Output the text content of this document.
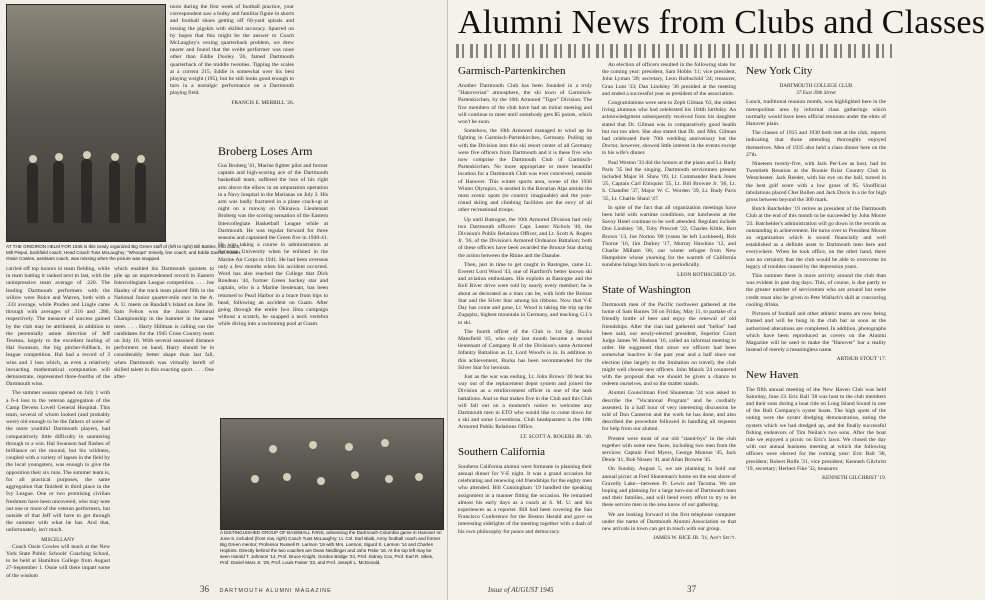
AT THE GRIDIRON HELM FOR 1945 is this newly organized Big Green staff of (left to right) Bill Battles, end coach; Milt Piepul, backfield coach; Head Coach Tuss McLaughry; "Whoops" Snively, line coach; and Eddie Zavrint, trainer. Ossie Cowles, assistant coach, was missing when the picture was snapped.

carried off top honors in team fielding, while in team batting it ranked next to last, with the unimpressive team average of .220. The leading Dartmouth performers with the willow were Bolce and Warren, both with a .333 average, while Pruden and Lingle came through with averages of .316 and .286, respectively. The measure of success gained by the club may be attributed, in addition to the perennially astute direction of Jeff Tesreau, largely to the excellent hurling of Hal Swanson, the big pitcher-fullback, in league competition. Hal had a record of 3 wins and 1 loss which, as even a relatively inexacting mathematical computation will demonstrate, represented three-fourths of the Dartmouth wins.

The summer season opened on July 1 with a 6-4 loss to the veteran aggregation of the Camp Devens Lovell General Hospital. This team, several of whom looked (and probably were) old enough to be the fathers of some of the more youthful Dartmouth players, had comparatively little difficulty in sauntering through to a win. Hal Swanson had flashes of brilliance on the mound, but his wildness, coupled with a variety of lapses in the field by the local youngsters, was enough to give the opposition their six runs. The summer team is, for all practical purposes, the same aggregation that finished in third place in the Ivy League. One or two promising civilian freshmen have been uncovered, who may note out one or more of the veteran performers, but outside of that Jeff will have to get through the summer with what he has. And that, unfortunately, isn't much.

MISCELLANY

Coach Ossie Cowles will teach at the New York State Public Schools' Coaching School, to be held at Hamilton College from August 27-September 1. Ossie will there impart some of the wisdom

which enabled his Dartmouth quintets to pile up an unprecedented record in Eastern Intercollegiate League competition. . . . Joe Hanley of the track team placed fifth in the National Junior quarter-mile race in the A. A. U. meets on Randall's Island on June 30. Sam Felton won the Junior National Championship in the hammer in the same meet. . . . Harry Hillman is calling out the candidates for the 1945 Cross Country team on July 16. With several seasoned distance performers on hand, Harry should be in considerably better shape than last fall, when Dartmouth was virtually bereft of skilled talent in this exacting sport. . . . One after-

noon during the first week of football practice, your correspondent saw a bulky and familiar figure in shorts and football shoes getting off 60-yard spirals and tossing the pigskin with skilled accuracy. Spurred on by hopes that this might be the answer to Coach McLaughry's vexing quarterback problem, we drew nearer and found that the svelte performer was none other than Eddie Dooley '26, famed Dartmouth quarterback of the middle twenties. Tipping the scales at a current 215, Eddie is somewhat over his best playing weight (195), but he still looks good enough to turn in a nostalgic performance on a Dartmouth playing field.

FRANCIS E. MERRILL '26.
Broberg Loses Arm

Gus Broberg '41, Marine fighter pilot and former captain and high-scoring ace of the Dartmouth basketball team, suffered the loss of his right arm above the elbow in an amputation operation in a Navy hospital in the Marianas on July 3. His arm was badly fractured in a plane crack-up at night on a runway on Okinawa. Lieutenant Broberg was the scoring sensation of the Eastern Intercollegiate Basketball League while at Dartmouth. He was regular forward for three seasons and captained the Green five in 1940-41. He was taking a course in administration at Syracuse University when he enlisted in the Marine Air Corps in 1941. He had been overseas only a few months when his accident occurred. Word has also reached the College that Dick Rondeau '44, former Green hockey star and captain, who is a Marine lieutenant, has been returned to Pearl Harbor in a brace from hips to head, following an accident on Guam. After going through the entire Iwo Jima campaign without a scratch, he snapped a neck vertebra while diving into a swimming pool at Guam.

A DISTINGUISHED GROUP OF BASEBALL FANS, witnessing the Dartmouth-Columbia game in Hanover on June 9, included (front row, right) Coach Tuss McLaughry; Lt. Col. Earl Blaik, Army football coach and former Big Green mentor; Professor Russell R. Larmon '19 with Mrs. Larmon; Sigurd S. Larmon '14 and Charles Hopkins. Directly behind the two coaches are Dean Neidlinger and John Fiske '16. At the top left may be seen Harold T. Johnson '14, Prof. Bruce Knight, Gordon Bridge '24, Prof. Sidney Cox, Prof. Earl R. Sikes, Prof. Daniel Marx Jr. '29, Prof. Louis Foster '23, and Prof. Joseph L. McDonald.
36 DARTMOUTH ALUMNI MAGAZINE
Alumni News from Clubs and Classes
Garmisch-Partenkirchen

Another Dartmouth Club has been founded in a truly "Hanoverian" atmosphere, the ski town of Garmisch-Partenkirchen, by the 10th Armored "Tiger" Division. The five members of the club have had an initial meeting and will continue to meet until somebody gets $5 points, which won't be soon.

Somehow, the 10th Armored managed to wind up its fighting in Garmisch-Partenkirchen, Germany. Pulling up with the Division into this ski resort center of all Germany were five officers from Dartmouth and it is these five who now comprise the Dartmouth Club of Garmisch-Partenkirchen. No more appropriate or more beautiful location for a Dartmouth Club was ever conceived, outside of Hanover. This winter sports area, scene of the 1936 Winter Olympics, is nestled in the Bavarian Alps amidst the most scenic spots (to country imaginable) and the year-round skiing and climbing facilities are the envy of all other recreational troops.

Up until Bastogne, the 10th Armored Division had only two Dartmouth officers: Capt. Lester Nichols '40, the Division's Public Relations Officer, and Lt. Scott A. Rogers Jr. '36, of the Division's Armored Ordnance Battalion; both of these officers have been awarded the Bronze Star during the action between the Rhine and the Danube.

Then, just in time to get caught in Bastogne, came Lt. Everett Lord Wood '43, one of Hartford's better known ski and aviation enthusiasts. His exploits at Bastogne and the Kell River drive were told by nearly every member; he is about as decorated as a man can be, with both the Bronze Star and the Silver Star among his ribbons. Now that V-E Day has come and gone, Lt. Wood is taking the trip up the Zugspitz, highest mountain in Germany, and teaching G.I.'s to ski.

The fourth officer of the Club is 1st Sgt. Bucks Mansfield '43, who only last month became a second lieutenant of Company B of the Division's same Armored Infantry Battalion as Lt. Lord Wood's is in. In addition to this achievement, Bucks has been recommended for the Silver Star for heroism.

Just as the war was ending, Lt. John Brown '40 beat his way out of the replacement depot system and joined the Division as a reinforcement officer in one of the tank battalions. And so that makes five in the Club and this Club will fall out on a moment's notice to welcome any Dartmouth men in ETO who would like to come down for a ski and some Lowenbrau. Club headquarters is the 10th Armored Public Relations Office.

LT. SCOTT A. ROGERS JR. '40.
Southern California

Southern California alumni were fortunate in planning their annual dinner for V-E night. It was a grand occasion for celebrating and renewing old friendships for the eighty men who attended. Bill Cunningham '19 handled the speaking assignment in a manner fitting the occasion. He remained almost his early days as a coach at S. M. U. and his experiences as a reporter. Bill had been covering the San Francisco Conference for the Boston Herald and gave us interesting sidelights of the meeting together with a dash of his own philosophy for peace and democracy.

An election of officers resulted in the following slate for the coming year: president, Sam Hobbs '11; vice president, John Lyman '28; secretary, Leon Rothschild '24; treasurer, Gran Lunt '33; Dan Lindsley '36 presided at the meeting and ended a successful year as president of the association.

Congratulations were sent to Zeph Gilman '63, the oldest living alumnus who had celebrated his 104th birthday. An acknowledgment subsequently received from his daughter stated that Dr. Gilman was in comparatively good health but not too alert. She also stated that Dr. and Mrs. Gilman had celebrated their 70th wedding anniversary but the Doctor, however, showed little interest in the events except to his wife's dinner.

Paul Weston '33 did the honors at the piano and Lt. Rudy Paris '35 led the singing. Dartmouth servicemen present included Major H. Shaw '09, Lt. Commander Buck Jones '25, Captain Carl Elmquist '35, Lt. Bill Browne Jr. '36, Lt. S. Chandler '37, Major W. C. Worden '39, Lt. Rudy Paris '35, Lt. Charlie Shaul '47.

In spite of the fact that all organization meetings have been held with wartime conditions, our luncheons at the Savoy Hotel continue to be well attended. Regulars include Don Lindsley '36, Toby Prescott '22, Charles Kittle, Bert Brown '13, Joe Norton '08 (vanes he left Lockheed), Bob Thorne '16, Jim Darkey '17, Murray Hawkins '12, and Charlie Milham '06, our winter refugee from New Hampshire whose yearning for the warmth of California sunshine brings him back to us periodically.

LEON ROTHSCHILD '24.
State of Washington

Dartmouth men of the Pacific northwest gathered at the home of Sam Barnes '30 on Friday, May 11, to partake of a friendly bottle of beer and enjoy the renewal of old friendships. After the clan had gathered and "hellos" had been said, our newly-elected president, Superior Court Judge James W. Hodson '16, called an informal meeting to order. He suggested that since we officers had been somewhat inactive in the past year and a half since our election (due largely to the limitation on travel), the club might well choose new officers. John Mauck '24 countered with the proposal that we should be given a chance to redeem ourselves, and so the matter stands.

Alumni Councilman Fred Shuneman '24 was asked to describe the "Vocational Program" and he cordially assented. In a half hour of very interesting discussion he told of Don Cameron and the work he has done, and also described the procedure followed in handling all requests for help from our alumni.

Present were most of our old "stand-bys" in the club together with some new faces, including two men from the services: Captain Fred Myers, George Munroe '45, Jack Denie '41, Bob Nissen '41 and Allan Browne '45.

On Sunday, August 5, we are planning to hold our annual picnic at Fred Shuneman's home on the east shore of Gravelly Lake—between Ft. Lewis and Tacoma. We are hoping and planning for a large turn-out of Dartmouth men and their families, and will bend every effort to try to let these service men in the area know of our gathering.

We are looking forward to the first telephone computer under the name of Dartmouth Alumni Association so that new arrivals in town can get in touch with our group.

JAMES W. RICE JR. '31, Ass't Sec'y.
New York City
DARTMOUTH COLLEGE CLUB
37 East 39th Street

Lunch, traditional reunion month, was highlighted here in the metropolitan area by informal class gatherings which normally would have been official reunions under the elms of Hanover plain.

The classes of 1915 and 1930 both met at the club, reports indicating that those attending thoroughly enjoyed themselves. Men of 1935 also held a class dinner here on the 27th.

Nineteen twenty-five, with Jack Per-Lee as host, had its Twentieth Reunion at the Boonie Briar Country Club in Westchester. Jack Reeder, with his eye on the ball, turned in the best golf score with a low gross of 95. Unofficial tabulations placed Chet Bollen and Jack Davis in a tie for high gross between beyond the 300 mark.

Butch Batchelder '19 retires as president of the Dartmouth Club at the end of this month to be succeeded by John Moore '23. Batchelder's administration will go down in the records as outstanding in achievement. He turns over to President Moore an organization which is sound financially and well established as a definite asset to Dartmouth men here and everywhere. When he took office, on the other hand, there was no certainty that the club would be able to overcome its legacy of troubles caused by the depression years.

This summer there is more activity around the club than was evident in past dog days. This, of course, is due partly to the greater number of servicemen who are around but some credit must also be given to Pete Wallach's skill at concocting cooling drinks.

Pictures of football and other athletic teams are now being framed and will be hung in the club bar as soon as the authorized alterations are completed. In addition, photographs which have been reproduced as covers on the Alumni Magazine will be used to make the "Hanover" bar a reality instead of merely a meaningless name.

ARTHUR STOUT '17.
New Haven

The fifth annual meeting of the New Haven Club was held Saturday, June 23. Eric Ball '38 was host to the club members and their sons during a boat ride on Long Island Sound in one of the Bull Company's oyster boats. The high spots of the outing were the oyster dredging demonstration, eating the oysters which we had dredged up, and the finally successful fishing endeavors of Tim Neilan's two sons. After the boat ride we enjoyed a picnic on Eric's lawn. We closed the day with our annual business meeting at which the following officers were elected for the coming year: Eric Ball '38, president; Robert Rolfe '31, vice president; Kenneth Gilchrist '19, secretary; Herbert Fike '32, treasurer.

KENNETH GILCHRIST '19.
Issue of AUGUST 1945	37
